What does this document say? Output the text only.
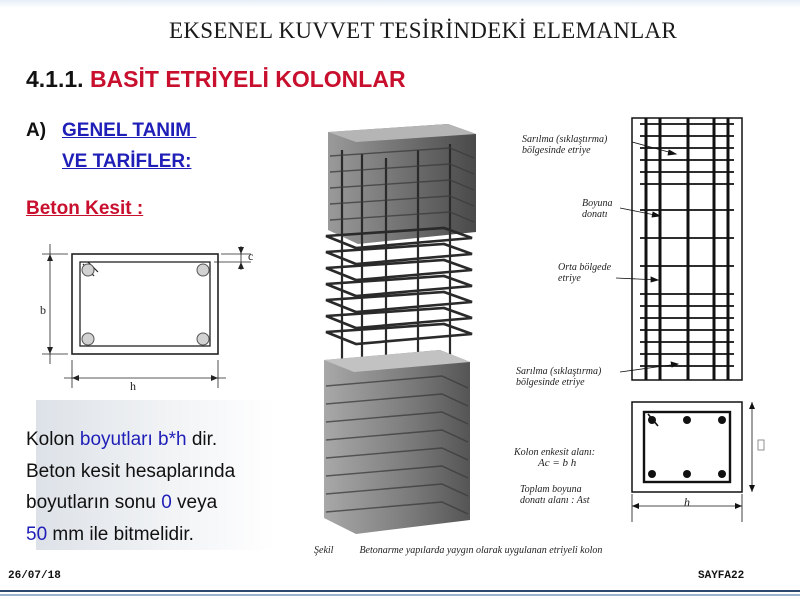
EKSENEL KUVVET TESİRİNDEKİ ELEMANLAR
4.1.1. BASİT ETRİYELİ KOLONLAR
A) GENEL TANIM
VE TARİFLER:
Beton Kesit :
c
b
h
Kolon boyutları b*h dir.
Beton kesit hesaplarında
boyutların sonu 0 veya
50 mm ile bitmelidir.
Sarılma (sıklaştırma)
bölgesinde etriye
Boyuna
donatı
Orta bölgede
etriye
Sarılma (sıklaştırma)
bölgesinde etriye
Kolon enkesit alanı:
Ac = b h
Toplam boyuna
donatı alanı : Ast	h
Şekil	Betonarme yapılarda yaygın olarak uygulanan etriyeli kolon
26/07/18	SAYFA22
